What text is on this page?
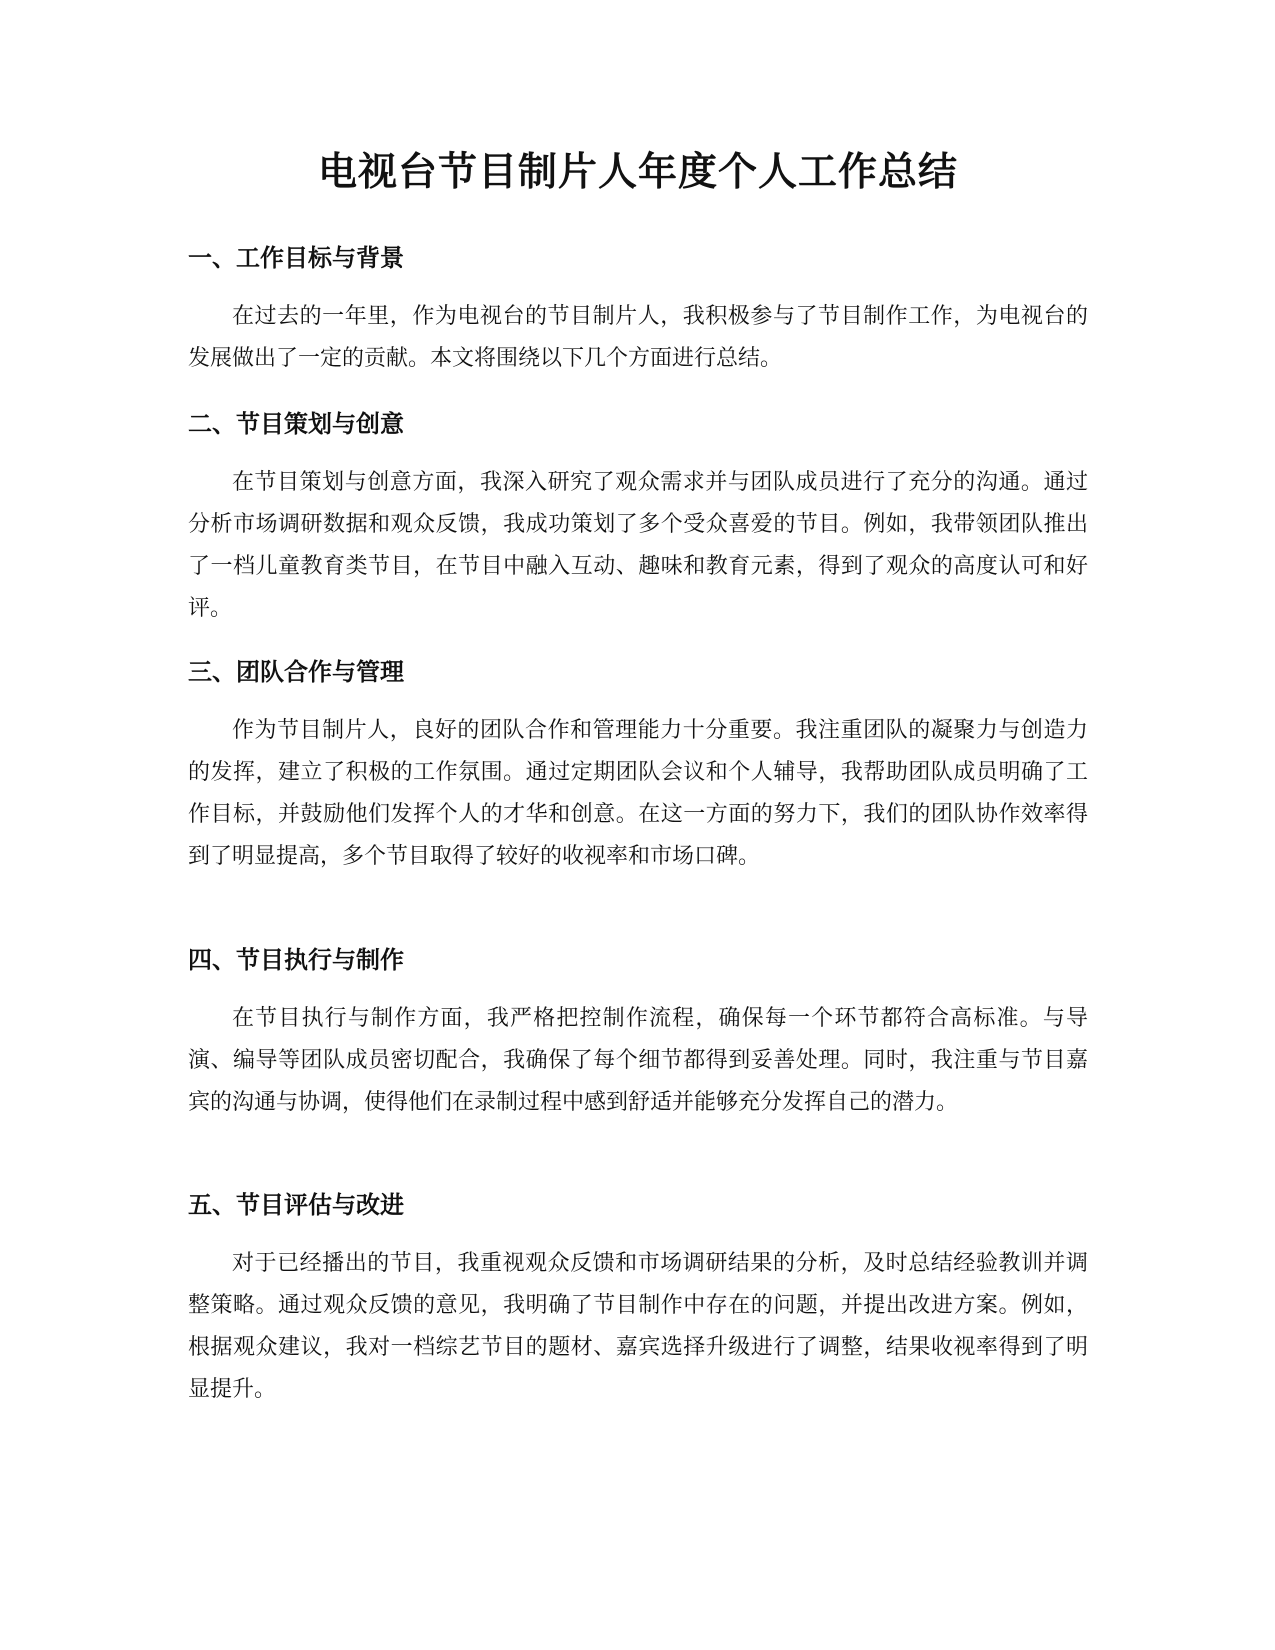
电视台节目制片人年度个人工作总结
一、工作目标与背景

在过去的一年里，作为电视台的节目制片人，我积极参与了节目制作工作，为电视台的发展做出了一定的贡献。本文将围绕以下几个方面进行总结。

二、节目策划与创意

在节目策划与创意方面，我深入研究了观众需求并与团队成员进行了充分的沟通。通过分析市场调研数据和观众反馈，我成功策划了多个受众喜爱的节目。例如，我带领团队推出了一档儿童教育类节目，在节目中融入互动、趣味和教育元素，得到了观众的高度认可和好评。

三、团队合作与管理

作为节目制片人，良好的团队合作和管理能力十分重要。我注重团队的凝聚力与创造力的发挥，建立了积极的工作氛围。通过定期团队会议和个人辅导，我帮助团队成员明确了工作目标，并鼓励他们发挥个人的才华和创意。在这一方面的努力下，我们的团队协作效率得到了明显提高，多个节目取得了较好的收视率和市场口碑。

四、节目执行与制作

在节目执行与制作方面，我严格把控制作流程，确保每一个环节都符合高标准。与导演、编导等团队成员密切配合，我确保了每个细节都得到妥善处理。同时，我注重与节目嘉宾的沟通与协调，使得他们在录制过程中感到舒适并能够充分发挥自己的潜力。

五、节目评估与改进

对于已经播出的节目，我重视观众反馈和市场调研结果的分析，及时总结经验教训并调整策略。通过观众反馈的意见，我明确了节目制作中存在的问题，并提出改进方案。例如，根据观众建议，我对一档综艺节目的题材、嘉宾选择升级进行了调整，结果收视率得到了明显提升。
